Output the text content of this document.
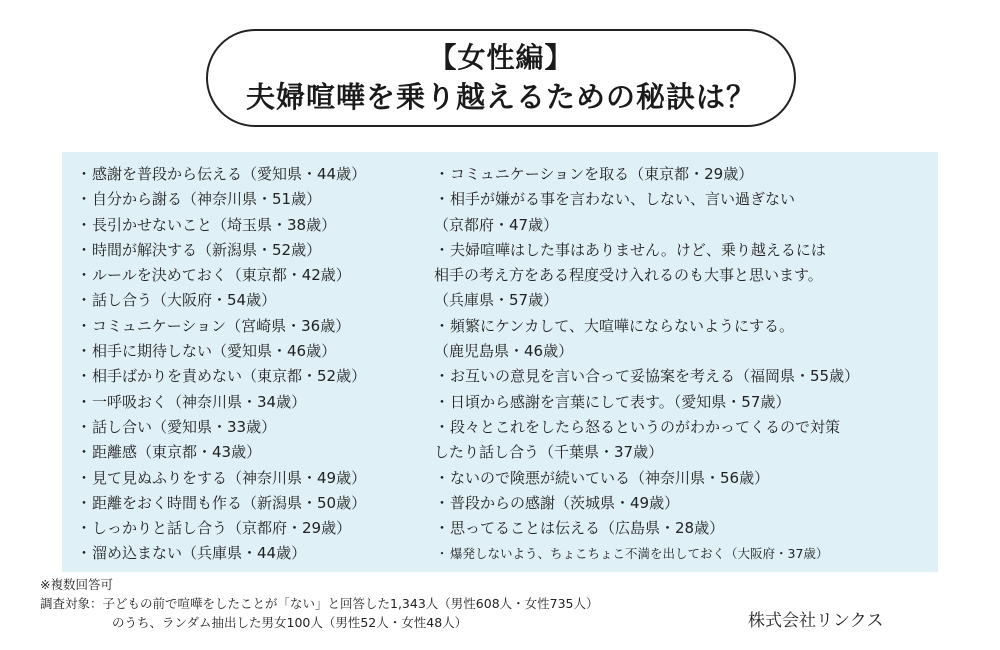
【女性編】
夫婦喧嘩を乗り越えるための秘訣は？
・感謝を普段から伝える（愛知県・44歳）
・自分から謝る（神奈川県・51歳）
・長引かせないこと（埼玉県・38歳）
・時間が解決する（新潟県・52歳）
・ルールを決めておく（東京都・42歳）
・話し合う（大阪府・54歳）
・コミュニケーション（宮崎県・36歳）
・相手に期待しない（愛知県・46歳）
・相手ばかりを責めない（東京都・52歳）
・一呼吸おく（神奈川県・34歳）
・話し合い（愛知県・33歳）
・距離感（東京都・43歳）
・見て見ぬふりをする（神奈川県・49歳）
・距離をおく時間も作る（新潟県・50歳）
・しっかりと話し合う（京都府・29歳）
・溜め込まない（兵庫県・44歳）
・コミュニケーションを取る（東京都・29歳）
・相手が嫌がる事を言わない、しない、言い過ぎない
（京都府・47歳）
・夫婦喧嘩はした事はありません。けど、乗り越えるには
相手の考え方をある程度受け入れるのも大事と思います。
（兵庫県・57歳）
・頻繁にケンカして、大喧嘩にならないようにする。
（鹿児島県・46歳）
・お互いの意見を言い合って妥協案を考える（福岡県・55歳）
・日頃から感謝を言葉にして表す。（愛知県・57歳）
・段々とこれをしたら怒るというのがわかってくるので対策
したり話し合う（千葉県・37歳）
・ないので険悪が続いている（神奈川県・56歳）
・普段からの感謝（茨城県・49歳）
・思ってることは伝える（広島県・28歳）
・ 爆発しないよう、ちょこちょこ不満を出しておく（大阪府・37歳）
※複数回答可
調査対象：子どもの前で喧嘩をしたことが「ない」と回答した1,343人（男性608人・女性735人）
のうち、ランダム抽出した男女100人（男性52人・女性48人）	株式会社リンクス
